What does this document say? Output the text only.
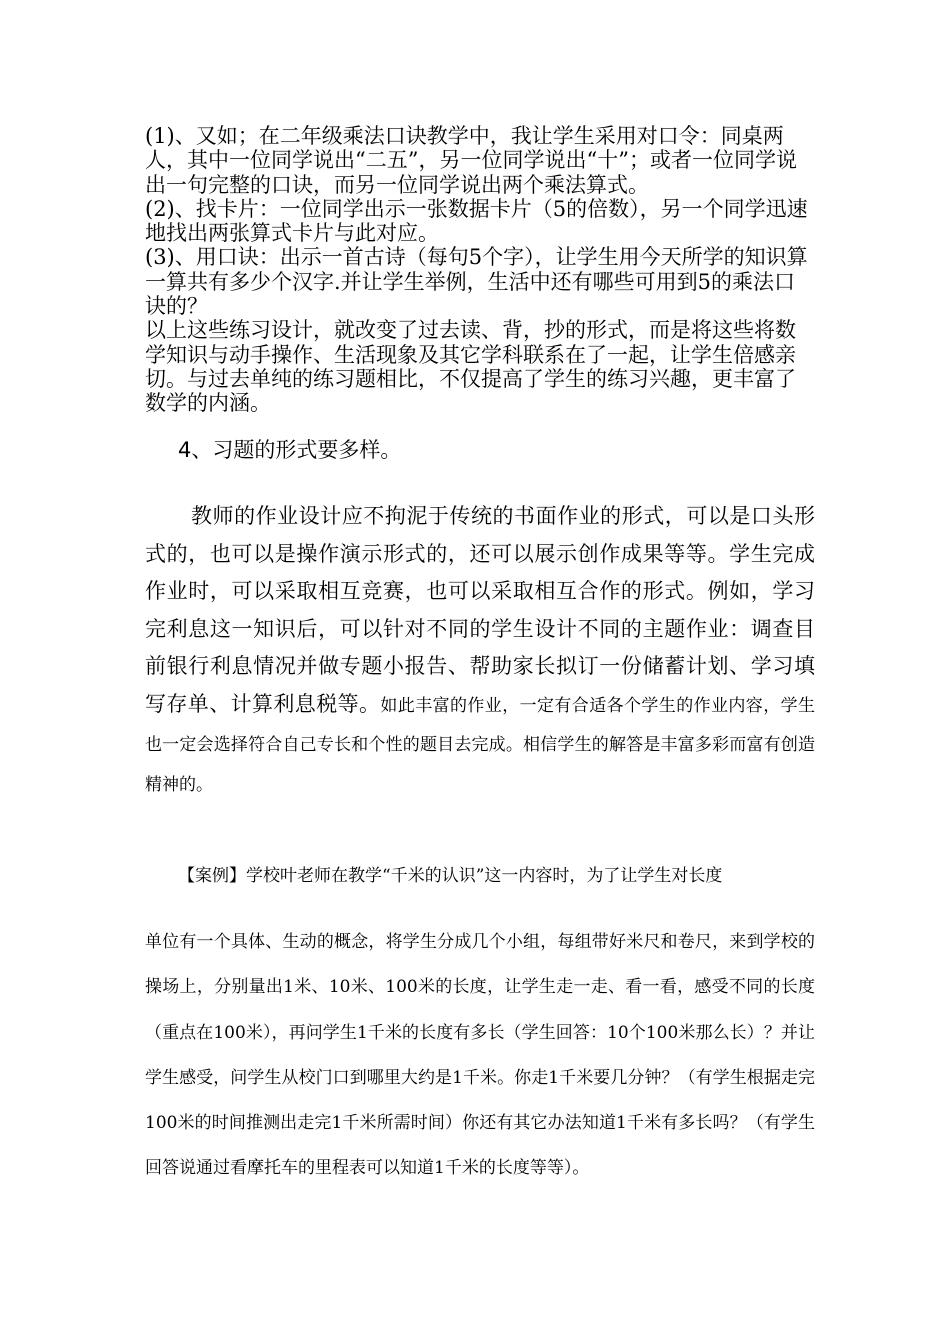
(1)、又如；在二年级乘法口诀教学中，我让学生采用对口令：同桌两人，其中一位同学说出“二五”，另一位同学说出“十”；或者一位同学说出一句完整的口诀，而另一位同学说出两个乘法算式。

(2)、找卡片：一位同学出示一张数据卡片（5的倍数），另一个同学迅速地找出两张算式卡片与此对应。

(3)、用口诀：出示一首古诗（每句5个字），让学生用今天所学的知识算一算共有多少个汉字.并让学生举例，生活中还有哪些可用到5的乘法口诀的？

以上这些练习设计，就改变了过去读、背，抄的形式，而是将这些将数学知识与动手操作、生活现象及其它学科联系在了一起，让学生倍感亲切。与过去单纯的练习题相比，不仅提高了学生的练习兴趣，更丰富了数学的内涵。

4、习题的形式要多样。

教师的作业设计应不拘泥于传统的书面作业的形式，可以是口头形式的，也可以是操作演示形式的，还可以展示创作成果等等。学生完成作业时，可以采取相互竞赛，也可以采取相互合作的形式。例如，学习完利息这一知识后，可以针对不同的学生设计不同的主题作业：调查目前银行利息情况并做专题小报告、帮助家长拟订一份储蓄计划、学习填写存单、计算利息税等。如此丰富的作业，一定有合适各个学生的作业内容，学生也一定会选择符合自己专长和个性的题目去完成。相信学生的解答是丰富多彩而富有创造精神的。

【案例】学校叶老师在教学“千米的认识”这一内容时，为了让学生对长度

单位有一个具体、生动的概念，将学生分成几个小组，每组带好米尺和卷尺，来到学校的操场上，分别量出1米、10米、100米的长度，让学生走一走、看一看，感受不同的长度（重点在100米），再问学生1千米的长度有多长（学生回答：10个100米那么长）？并让学生感受，问学生从校门口到哪里大约是1千米。你走1千米要几分钟？（有学生根据走完100米的时间推测出走完1千米所需时间）你还有其它办法知道1千米有多长吗？（有学生回答说通过看摩托车的里程表可以知道1千米的长度等等）。
